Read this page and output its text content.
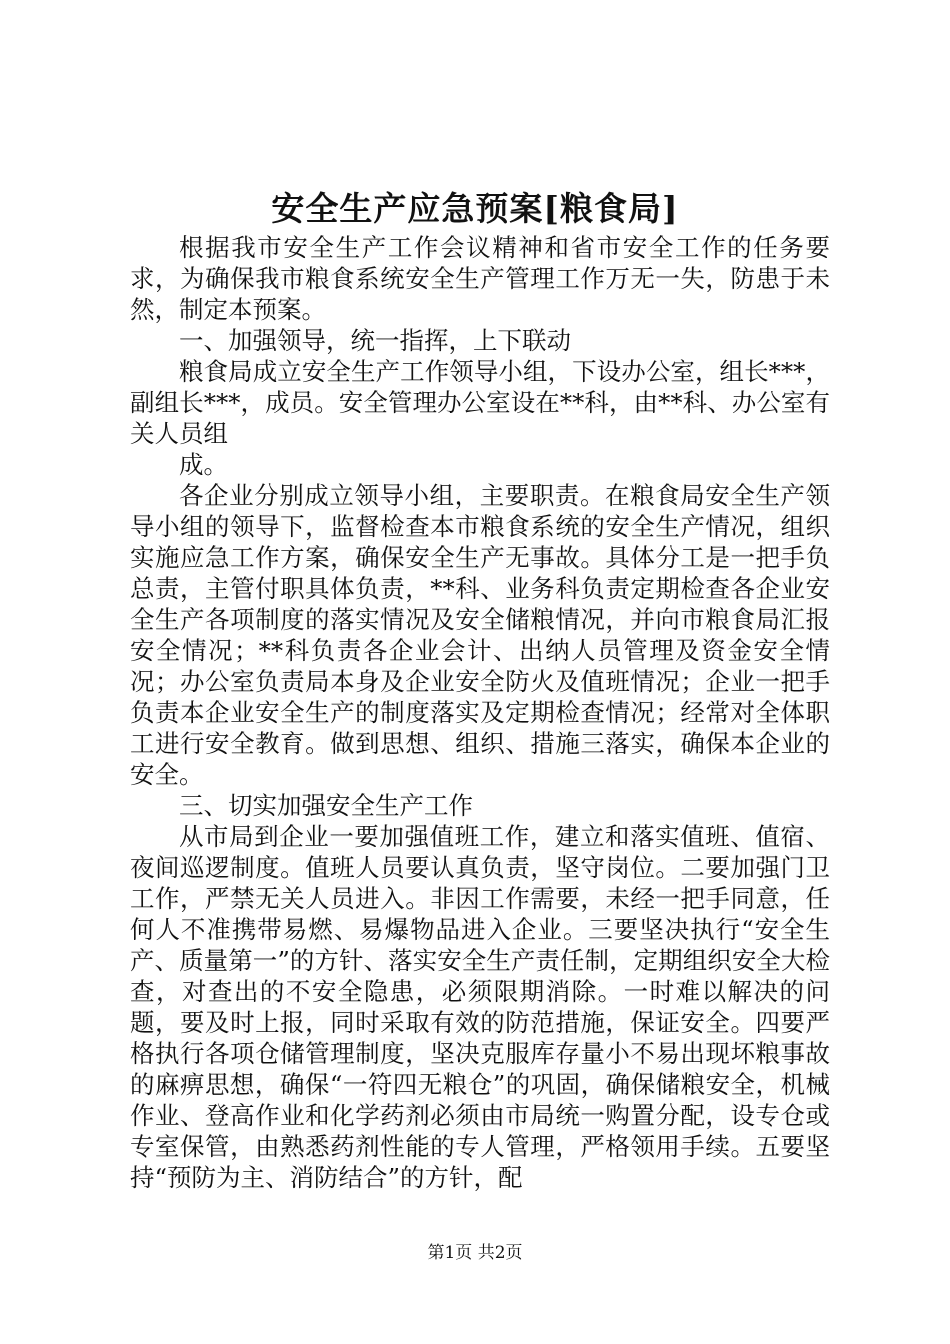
安全生产应急预案[粮食局]

根据我市安全生产工作会议精神和省市安全工作的任务要求，为确保我市粮食系统安全生产管理工作万无一失，防患于未然，制定本预案。

一、加强领导，统一指挥，上下联动

粮食局成立安全生产工作领导小组，下设办公室，组长***，副组长***，成员。安全管理办公室设在**科，由**科、办公室有关人员组

成。

各企业分别成立领导小组，主要职责。在粮食局安全生产领导小组的领导下，监督检查本市粮食系统的安全生产情况，组织实施应急工作方案，确保安全生产无事故。具体分工是一把手负总责，主管付职具体负责，**科、业务科负责定期检查各企业安全生产各项制度的落实情况及安全储粮情况，并向市粮食局汇报安全情况；**科负责各企业会计、出纳人员管理及资金安全情况；办公室负责局本身及企业安全防火及值班情况；企业一把手负责本企业安全生产的制度落实及定期检查情况；经常对全体职工进行安全教育。做到思想、组织、措施三落实，确保本企业的安全。

三、切实加强安全生产工作

从市局到企业一要加强值班工作，建立和落实值班、值宿、夜间巡逻制度。值班人员要认真负责，坚守岗位。二要加强门卫工作，严禁无关人员进入。非因工作需要，未经一把手同意，任何人不准携带易燃、易爆物品进入企业。三要坚决执行“安全生产、质量第一”的方针、落实安全生产责任制，定期组织安全大检查，对查出的不安全隐患，必须限期消除。一时难以解决的问题，要及时上报，同时采取有效的防范措施，保证安全。四要严格执行各项仓储管理制度，坚决克服库存量小不易出现坏粮事故的麻痹思想，确保“一符四无粮仓”的巩固，确保储粮安全，机械作业、登高作业和化学药剂必须由市局统一购置分配，设专仓或专室保管，由熟悉药剂性能的专人管理，严格领用手续。五要坚持“预防为主、消防结合”的方针，配

第1页 共2页
